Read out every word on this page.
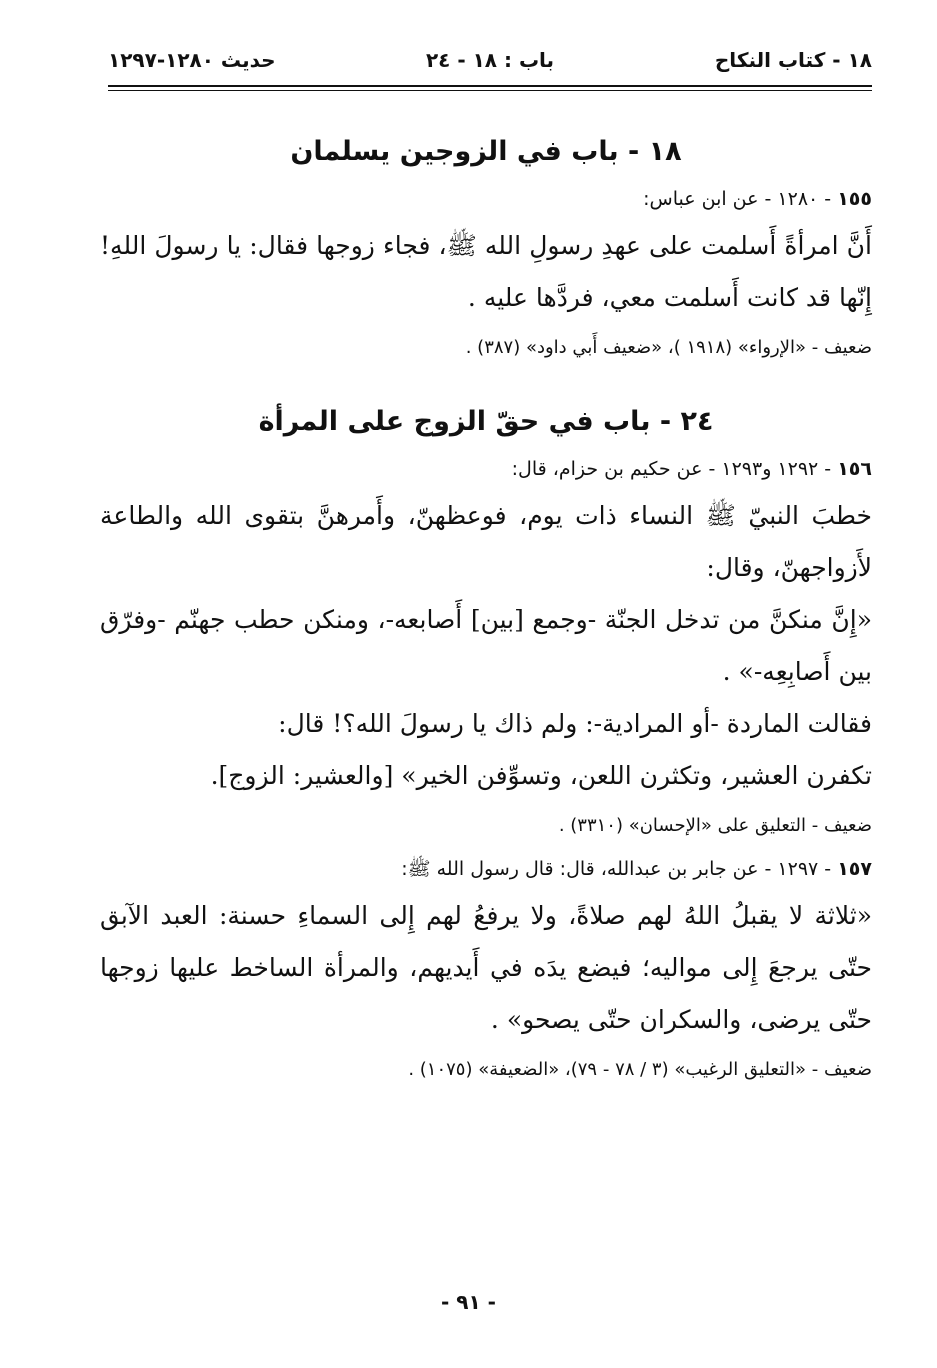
١٨ - كتاب النكاح
باب : ١٨ - ٢٤
حديث ١٢٨٠-١٢٩٧
١٨ - باب في الزوجين يسلمان
١٥٥ - ١٢٨٠ - عن ابن عباس:

أَنَّ امرأةً أَسلمت على عهدِ رسولِ الله ﷺ، فجاء زوجها فقال: يا رسولَ اللهِ! إِنّها قد كانت أَسلمت معي، فردَّها عليه .

ضعيف - «الإرواء» (١٩١٨ )، «ضعيف أَبي داود» (٣٨٧) .

٢٤ - باب في حقّ الزوج على المرأة
١٥٦ - ١٢٩٢ و١٢٩٣ - عن حكيم بن حزام، قال:

خطبَ النبيّ ﷺ النساء ذات يوم، فوعظهنّ، وأَمرهنَّ بتقوى الله والطاعة لأَزواجهنّ، وقال:

«إِنَّ منكنَّ من تدخل الجنّة -وجمع [بين] أَصابعه-، ومنكن حطب جهنّم -وفرّق بين أَصابِعِه-» .

فقالت الماردة -أو المرادية-: ولم ذاك يا رسولَ الله؟! قال:

تكفرن العشير، وتكثرن اللعن، وتسوِّفن الخير» [والعشير: الزوج].

ضعيف - التعليق على «الإحسان» (٣٣١٠) .

١٥٧ - ١٢٩٧ - عن جابر بن عبدالله، قال: قال رسول الله ﷺ:

«ثلاثة لا يقبلُ اللهُ لهم صلاةً، ولا يرفعُ لهم إِلى السماءِ حسنة: العبد الآبق حتّى يرجعَ إِلى مواليه؛ فيضع يدَه في أَيديهم، والمرأة الساخط عليها زوجها حتّى يرضى، والسكران حتّى يصحو» .

ضعيف - «التعليق الرغيب» (٣ / ٧٨ - ٧٩)، «الضعيفة» (١٠٧٥) .

- ٩١ -
